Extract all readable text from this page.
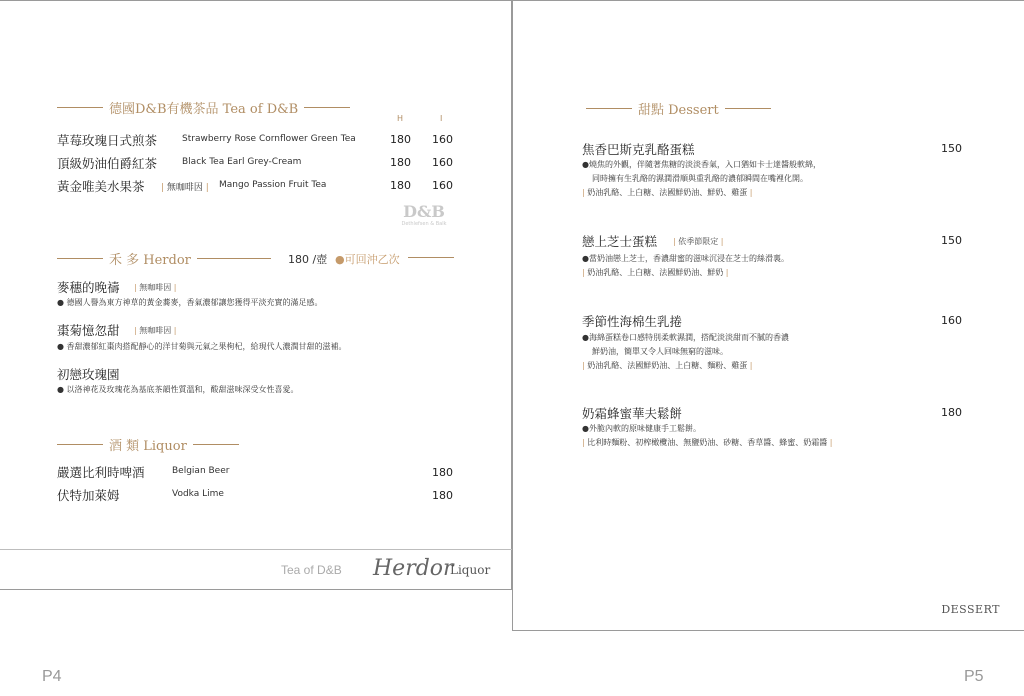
德國D&B有機茶品 Tea of D&B
H	I
草莓玫瑰日式煎茶	Strawberry Rose Cornflower Green Tea	180 160
頂級奶油伯爵紅茶	Black Tea Earl Grey-Cream	180 160
黃金唯美水果茶 | 無咖啡因 | Mango Passion Fruit Tea	180 160
D&B
Dethlefsen & Balk
禾 多 Herdor	180 /壺 ●可回沖乙次
麥穗的晚禱 | 無咖啡因 |
● 德國人譽為東方神草的黃金蕎麥，香氣濃郁讓您獲得平淡充實的滿足感。
棗菊憶忽甜 | 無咖啡因 |
● 香甜濃郁紅棗肉搭配靜心的洋甘菊與元氣之果枸杞，給現代人濃潤甘甜的滋補。
初戀玫瑰園
● 以洛神花及玫瑰花為基底茶韻性質溫和，酸甜滋味深受女性喜愛。
酒 類 Liquor
嚴選比利時啤酒	Belgian Beer	180
伏特加萊姆	Vodka Lime	180
Tea of D&B Herdor
Liquor
甜點 Dessert
焦香巴斯克乳酪蛋糕	150
●燒焦的外觀，伴隨著焦糖的淡淡香氣，入口猶如卡士達醬般軟綿，
同時擁有生乳酪的濕潤滑順與重乳酪的濃郁瞬間在嘴裡化開。
| 奶油乳酪、上白糖、法國鮮奶油、鮮奶、雞蛋 |
戀上芝士蛋糕 | 依季節限定 |	150
●當奶油戀上芝士，香濃甜蜜的滋味沉浸在芝士的絲滑裏。
| 奶油乳酪、上白糖、法國鮮奶油、鮮奶 |
季節性海棉生乳捲	160
●海綿蛋糕卷口感特別柔軟濕潤，搭配淡淡甜而不膩的香濃
鮮奶油，簡單又令人回味無窮的滋味。
| 奶油乳酪、法國鮮奶油、上白糖、麵粉、雞蛋 |
奶霜蜂蜜華夫鬆餅	180
●外脆內軟的原味健康手工鬆餅。
| 比利時麵粉、初榨橄欖油、無鹽奶油、砂糖、香草醬、蜂蜜、奶霜醬 |
DESSERT
P4	P5
